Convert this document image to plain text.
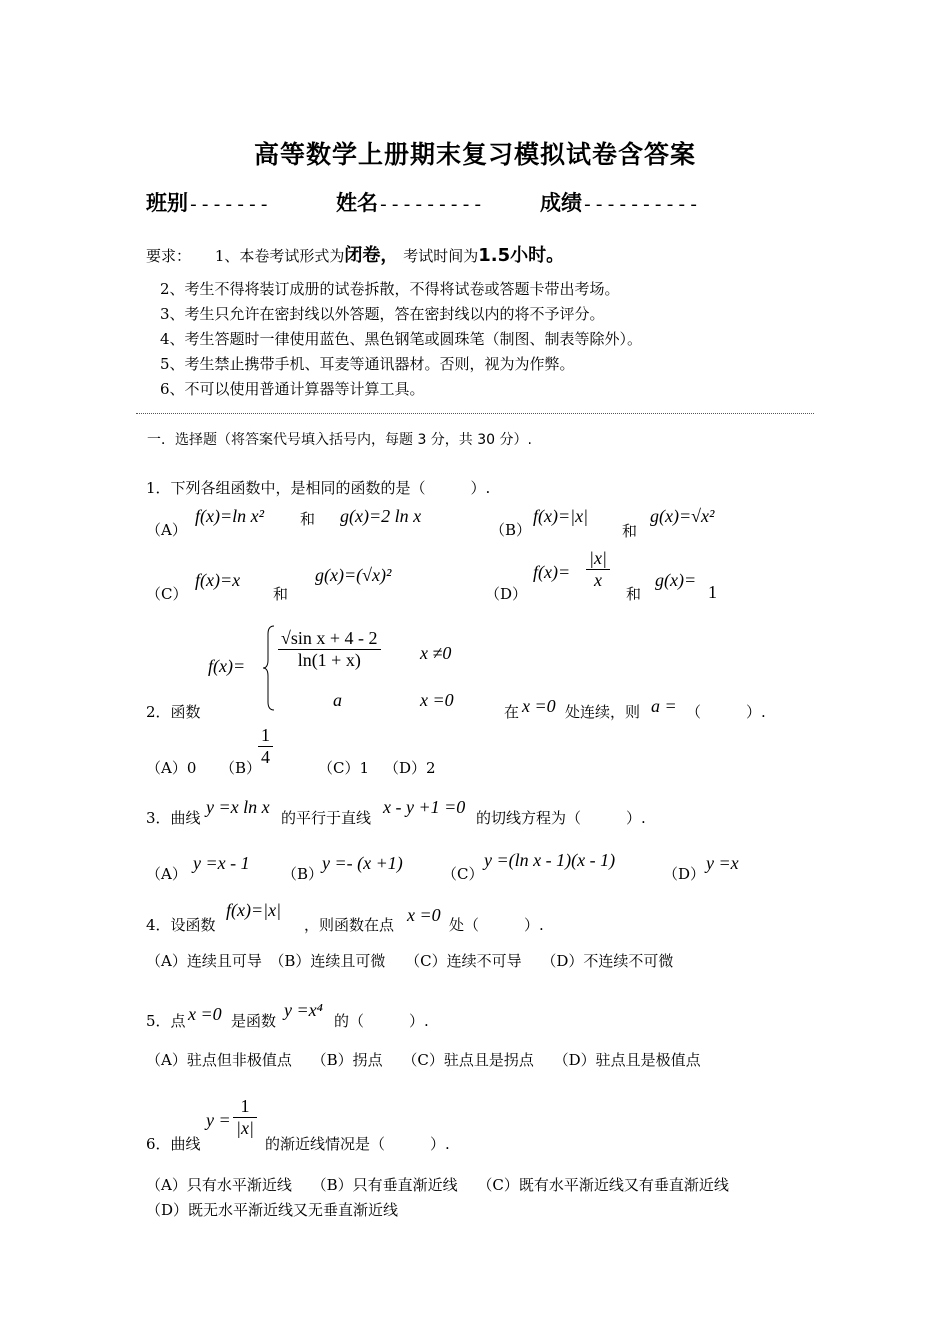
高等数学上册期末复习模拟试卷含答案
班别-------	姓名---------	成绩----------
要求： 1、本卷考试形式为闭卷， 考试时间为1.5小时。
2、考生不得将装订成册的试卷拆散，不得将试卷或答题卡带出考场。
3、考生只允许在密封线以外答题，答在密封线以内的将不予评分。
4、考生答题时一律使用蓝色、黑色钢笔或圆珠笔（制图、制表等除外）。
5、考生禁止携带手机、耳麦等通讯器材。否则，视为为作弊。
6、不可以使用普通计算器等计算工具。
一．选择题（将答案代号填入括号内，每题 3 分，共 30 分）.
1．下列各组函数中，是相同的函数的是（　　　）.
（A）
f(x)=ln x² 和 g(x)=2 ln x
（B）
f(x)=|x|
和
g(x)=√x²
（C）
f(x)=x
和
g(x)=(√x)²
（D）
$f(x)= \frac{|x|}{x}$
和
g(x)=
1
2．函数
$f(x)= \frac{\text{√sin x + 4 - 2}}{\ln(1 + x)}$ x ≠0
a	x =0
在 x =0 处连续，则 a = （　　　）.
（A）0 （B）
$\frac{1}{4}$	（C）1 （D）2
3．曲线
y =x ln x
的平行于直线
x - y +1 =0
的切线方程为（　　　）.
（A）
y =x - 1
（B）
y =- (x +1)
（C）
y =(ln x - 1)(x - 1)
（D）
y =x
4．设函数
f(x)=|x|
，则函数在点 x =0 处（　　　）.
（A）连续且可导　（B）连续且可微　 （C）连续不可导　 （D）不连续不可微
5．点 x =0 是函数
y =x⁴
的（　　　）.
（A）驻点但非极值点　 （B）拐点　 （C）驻点且是拐点　 （D）驻点且是极值点
6．曲线
$y = \frac{1}{|x|}$
的渐近线情况是（　　　）.
（A）只有水平渐近线　 （B）只有垂直渐近线　 （C）既有水平渐近线又有垂直渐近线
（D）既无水平渐近线又无垂直渐近线
